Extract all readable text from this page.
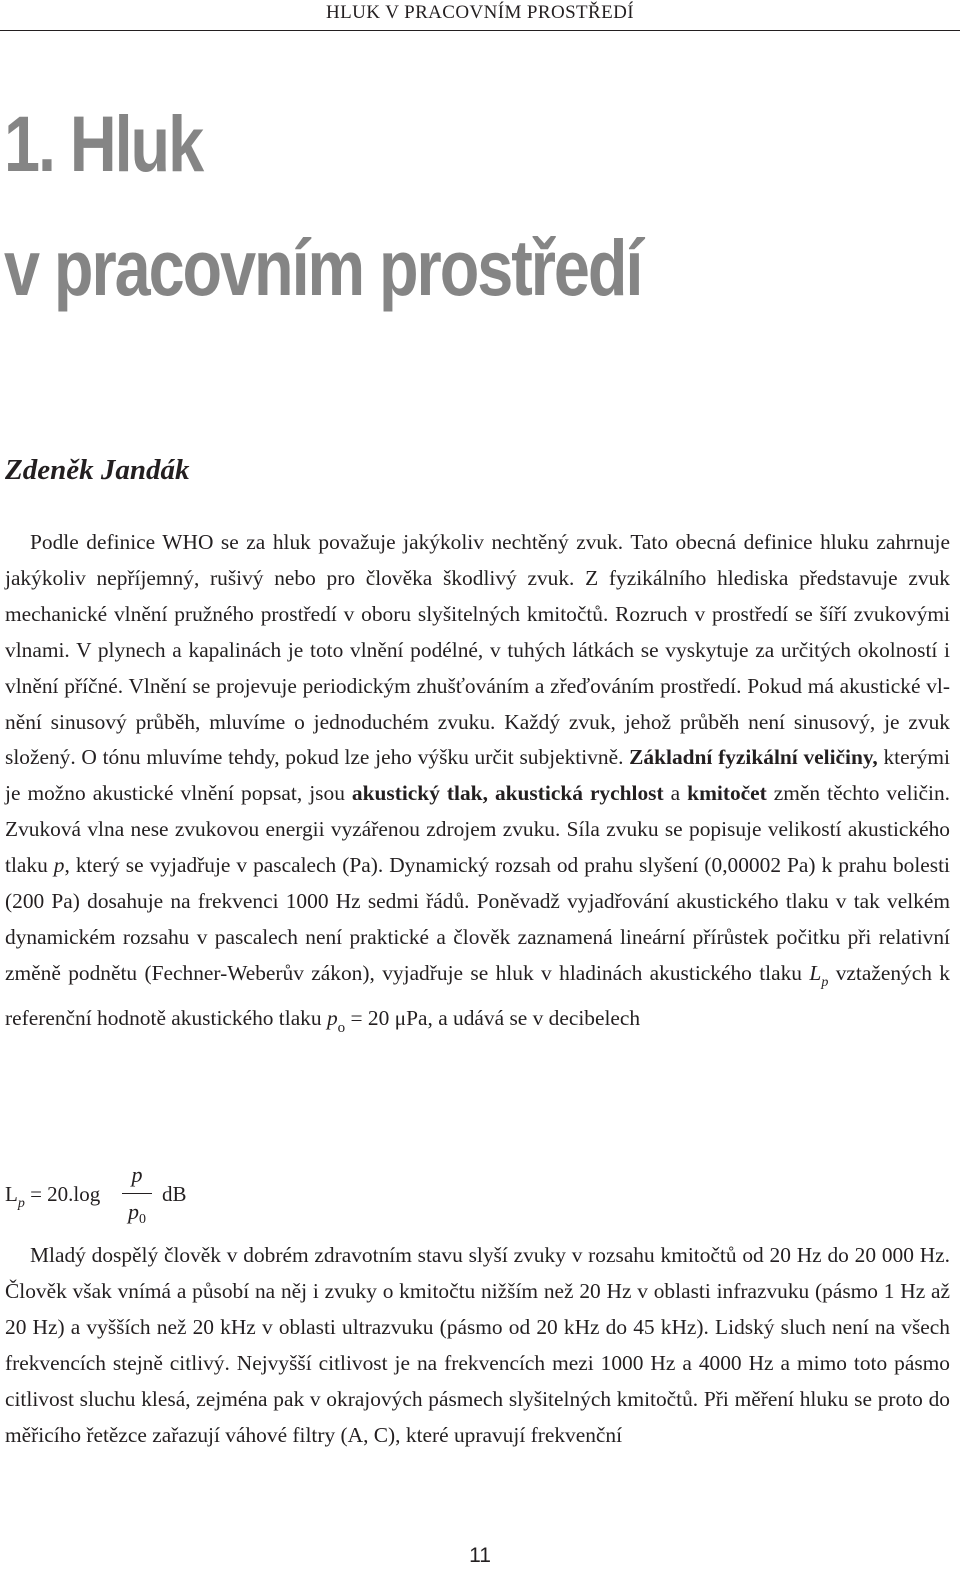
HLUK V PRACOVNÍM PROSTŘEDÍ
1. Hluk
v pracovním prostředí
Zdeněk Jandák

Podle definice WHO se za hluk považuje jakýkoliv nechtěný zvuk. Tato obecná definice hluku zahrnuje jakýkoliv nepříjemný, rušivý nebo pro člověka škodlivý zvuk. Z fyzikálního hlediska představuje zvuk mechanické vlnění pružného prostředí v oboru slyšitelných kmitočtů. Rozruch v prostředí se šíří zvukovými vlnami. V plynech a kapalinách je toto vlnění podélné, v tuhých látkách se vyskytuje za určitých okolností i vlnění příčné. Vlnění se projevuje periodickým zhušťováním a zřeďováním prostředí. Pokud má akustické vlnění sinusový průběh, mluvíme o jednoduchém zvuku. Každý zvuk, jehož průběh není sinusový, je zvuk složený. O tónu mluvíme tehdy, pokud lze jeho výšku určit subjektivně. Základní fyzikální veličiny, kterými je možno akustické vlnění popsat, jsou akustický tlak, akustická rychlost a kmitočet změn těchto veličin. Zvuková vlna nese zvukovou energii vyzářenou zdrojem zvuku. Síla zvuku se popisuje velikostí akustického tlaku p, který se vyjadřuje v pascalech (Pa). Dynamický rozsah od prahu slyšení (0,00002 Pa) k prahu bolesti (200 Pa) dosahuje na frekvenci 1000 Hz sedmi řádů. Poněvadž vyjadřování akustického tlaku v tak velkém dynamickém rozsahu v pascalech není praktické a člověk zaznamená lineární přírůstek počitku při relativní změně podnětu (Fechner-Weberův zákon), vyjadřuje se hluk v hladinách akustického tlaku $L_p$ vztažených k referenční hodnotě akustického tlaku $p_o = 20$ μPa, a udává se v decibelech

$L_p = 20.\log$
p
p0
dB

Mladý dospělý člověk v dobrém zdravotním stavu slyší zvuky v rozsahu kmitočtů od 20 Hz do 20 000 Hz. Člověk však vnímá a působí na něj i zvuky o kmitočtu nižším než 20 Hz v oblasti infrazvuku (pásmo 1 Hz až 20 Hz) a vyšších než 20 kHz v oblasti ultrazvuku (pásmo od 20 kHz do 45 kHz). Lidský sluch není na všech frekvencích stejně citlivý. Nejvyšší citlivost je na frekvencích mezi 1000 Hz a 4000 Hz a mimo toto pásmo citlivost sluchu klesá, zejména pak v okrajových pásmech slyšitelných kmitočtů. Při měření hluku se proto do měřicího řetězce zařazují váhové filtry (A, C), které upravují frekvenční

11
